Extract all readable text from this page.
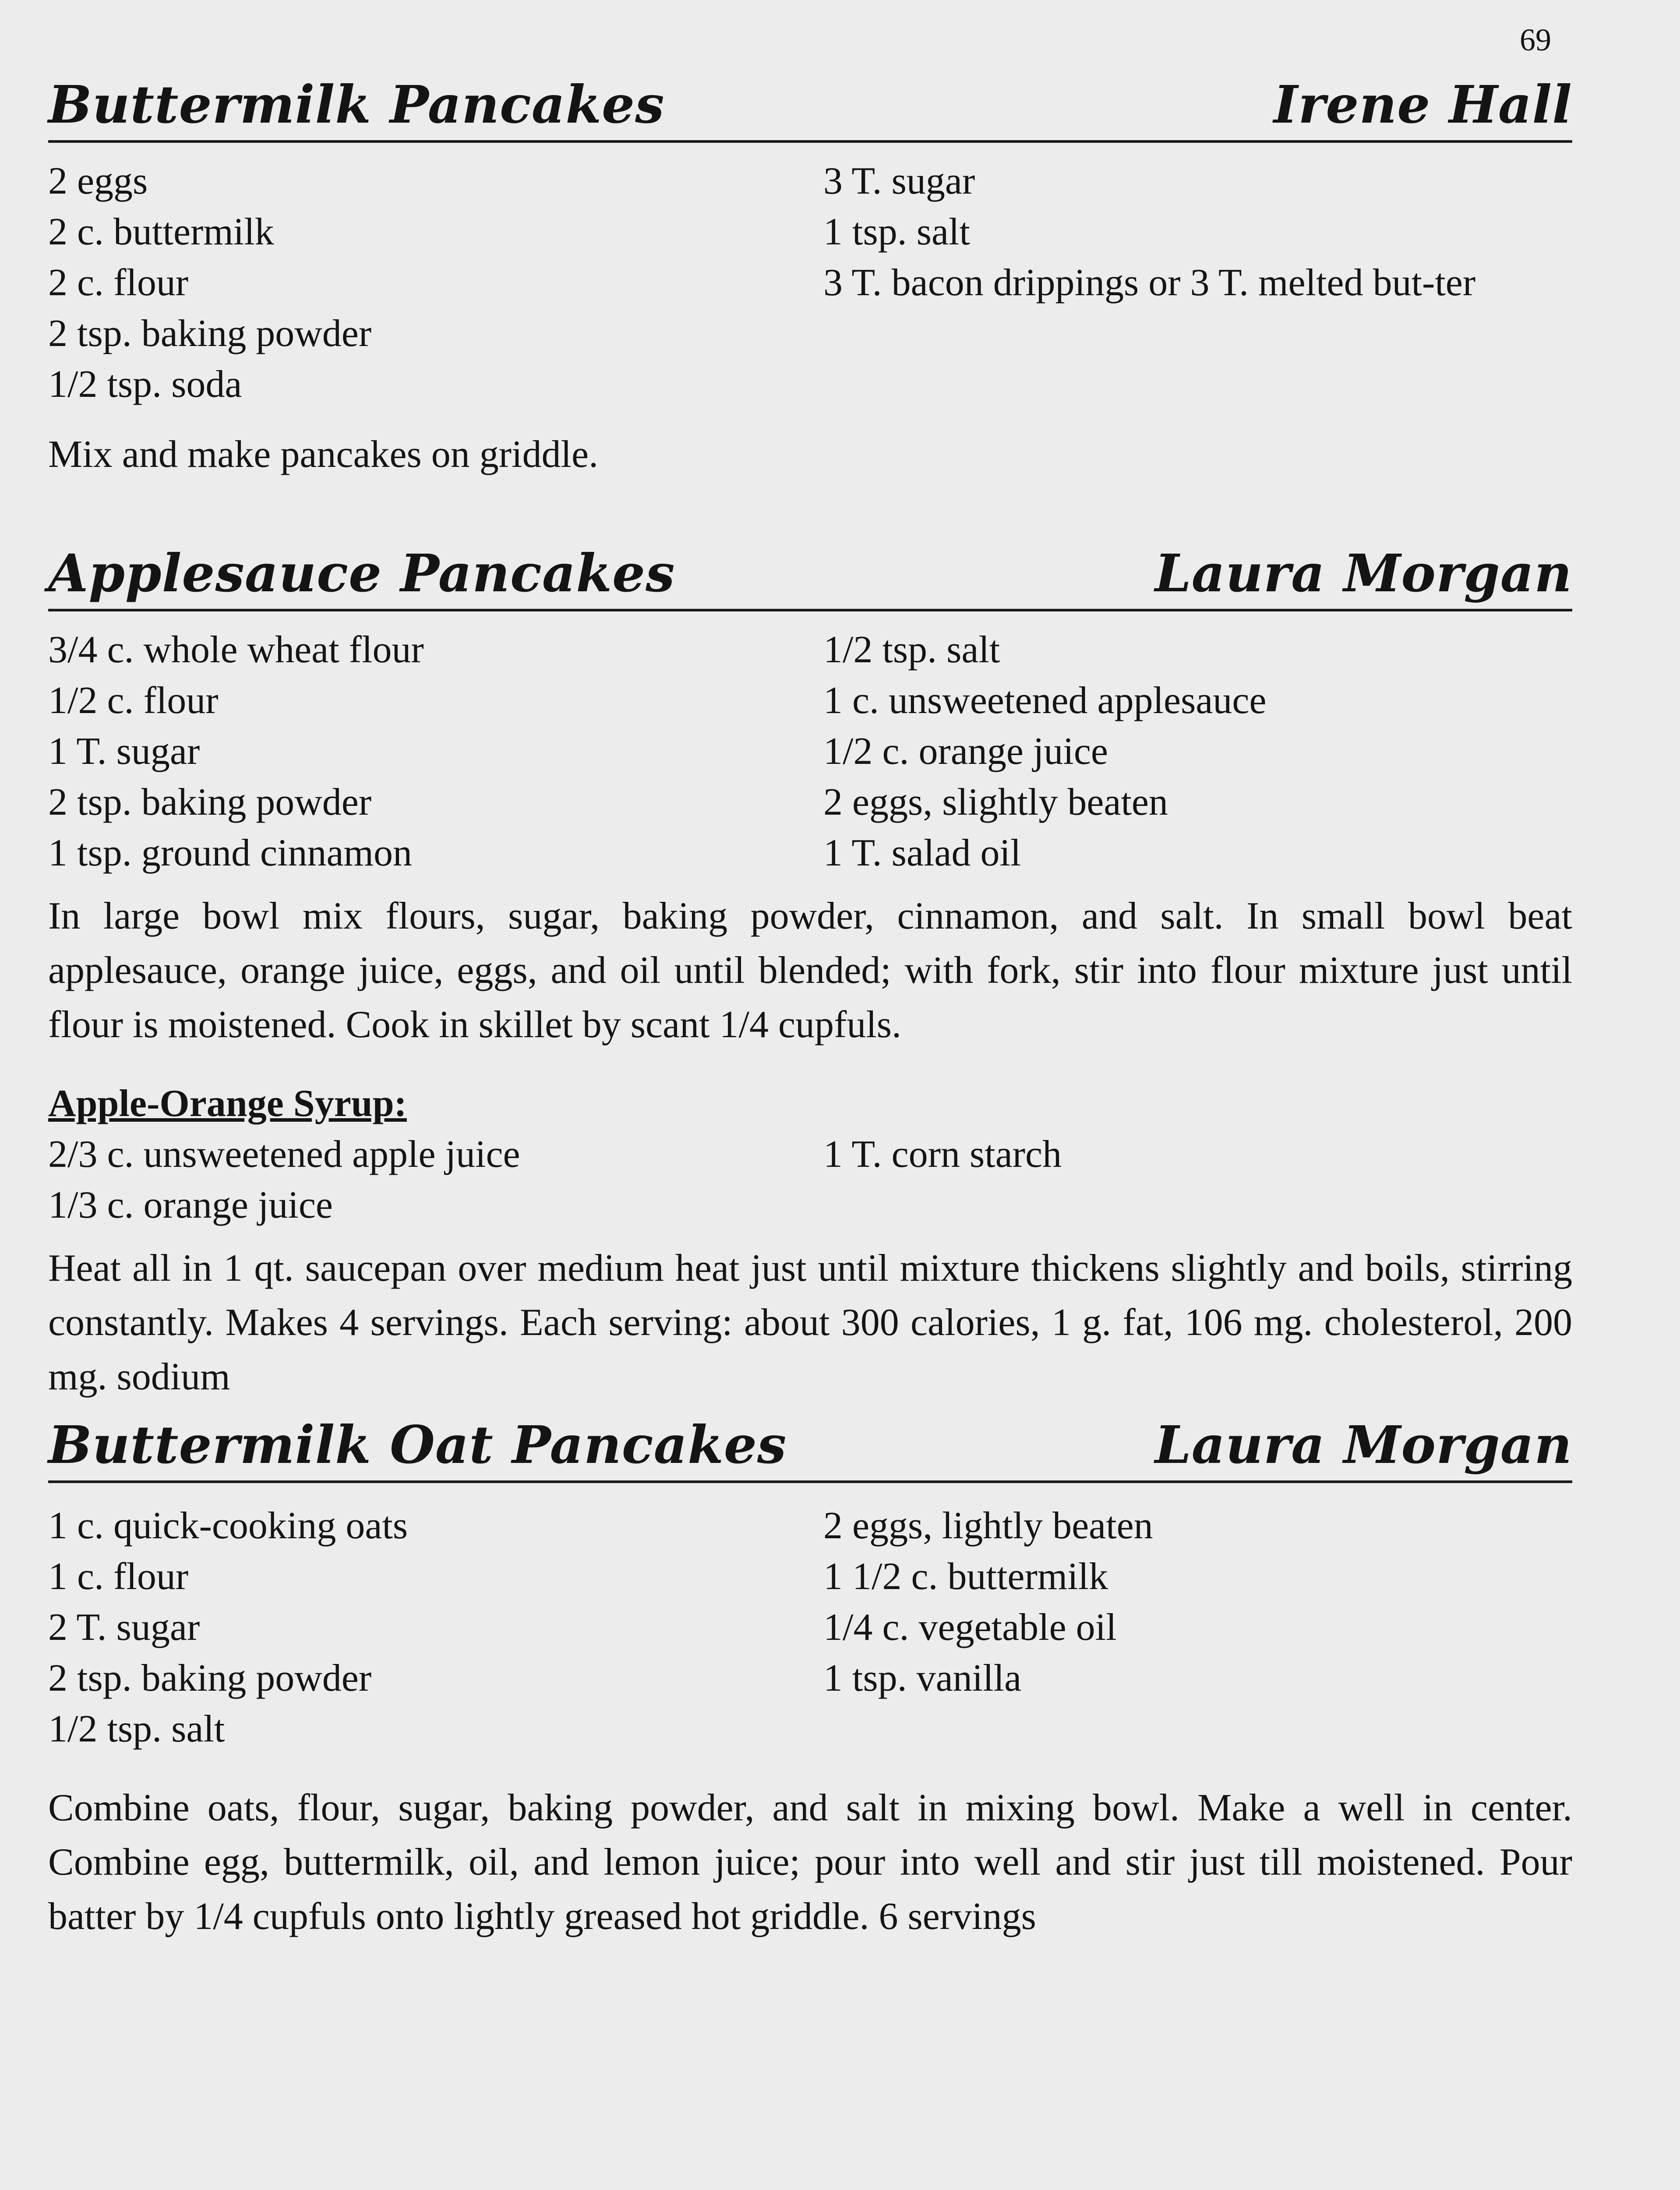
69
Buttermilk Pancakes	Irene Hall
2 eggs
2 c. buttermilk
2 c. flour
2 tsp. baking powder
1/2 tsp. soda
3 T. sugar
1 tsp. salt
3 T. bacon drippings or 3 T. melted but-ter
Mix and make pancakes on griddle.
Applesauce Pancakes	Laura Morgan
3/4 c. whole wheat flour
1/2 c. flour
1 T. sugar
2 tsp. baking powder
1 tsp. ground cinnamon
1/2 tsp. salt
1 c. unsweetened applesauce
1/2 c. orange juice
2 eggs, slightly beaten
1 T. salad oil
In large bowl mix flours, sugar, baking powder, cinnamon, and salt. In small bowl beat applesauce, orange juice, eggs, and oil until blended; with fork, stir into flour mixture just until flour is moistened. Cook in skillet by scant 1/4 cupfuls.
Apple-Orange Syrup:
2/3 c. unsweetened apple juice
1/3 c. orange juice
1 T. corn starch
Heat all in 1 qt. saucepan over medium heat just until mixture thickens slightly and boils, stirring constantly. Makes 4 servings. Each serving: about 300 calories, 1 g. fat, 106 mg. cholesterol, 200 mg. sodium
Buttermilk Oat Pancakes	Laura Morgan
1 c. quick-cooking oats
1 c. flour
2 T. sugar
2 tsp. baking powder
1/2 tsp. salt
2 eggs, lightly beaten
1 1/2 c. buttermilk
1/4 c. vegetable oil
1 tsp. vanilla
Combine oats, flour, sugar, baking powder, and salt in mixing bowl. Make a well in center. Combine egg, buttermilk, oil, and lemon juice; pour into well and stir just till moistened. Pour batter by 1/4 cupfuls onto lightly greased hot griddle. 6 servings
